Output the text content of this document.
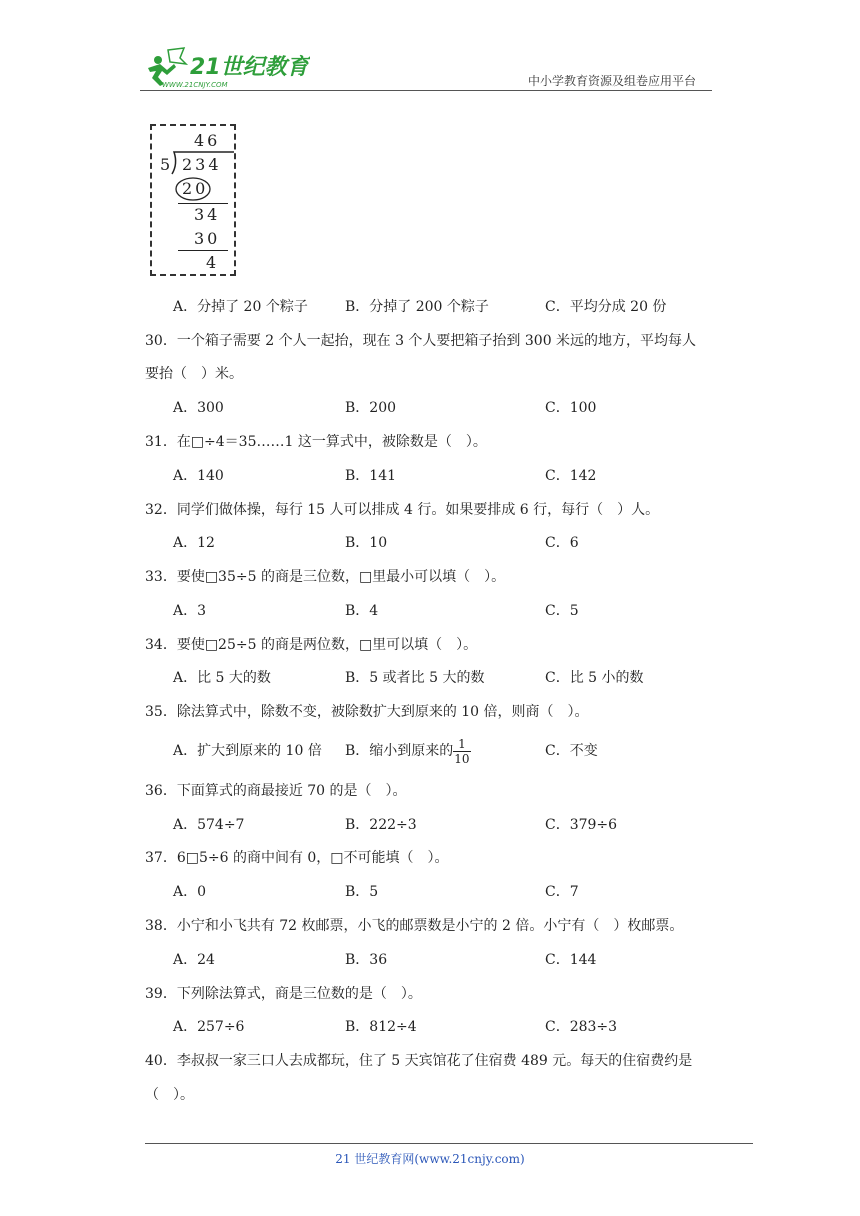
21世纪教育
WWW.21CNJY.COM	中小学教育资源及组卷应用平台
46
5 234
20
34
30
4
A．分掉了 20 个粽子	B．分掉了 200 个粽子	C．平均分成 20 份
30．一个箱子需要 2 个人一起抬，现在 3 个人要把箱子抬到 300 米远的地方，平均每人
要抬（　）米。
A．300	B．200	C．100
31．在□÷4＝35……1 这一算式中，被除数是（　）。
A．140	B．141	C．142
32．同学们做体操，每行 15 人可以排成 4 行。如果要排成 6 行，每行（　）人。
A．12	B．10	C．6
33．要使□35÷5 的商是三位数，□里最小可以填（　）。
A．3	B．4	C．5
34．要使□25÷5 的商是两位数，□里可以填（　）。
A．比 5 大的数	B．5 或者比 5 大的数	C．比 5 小的数
35．除法算式中，除数不变，被除数扩大到原来的 10 倍，则商（　）。
A．扩大到原来的 10 倍 B．缩小到原来的 $\frac{1}{10}$	C．不变
36．下面算式的商最接近 70 的是（　）。
A．574÷7	B．222÷3	C．379÷6
37．6□5÷6 的商中间有 0，□不可能填（　）。
A．0	B．5	C．7
38．小宁和小飞共有 72 枚邮票，小飞的邮票数是小宁的 2 倍。小宁有（　）枚邮票。
A．24	B．36	C．144
39．下列除法算式，商是三位数的是（　）。
A．257÷6	B．812÷4	C．283÷3
40．李叔叔一家三口人去成都玩，住了 5 天宾馆花了住宿费 489 元。每天的住宿费约是
（　）。
21 世纪教育网(www.21cnjy.com)
